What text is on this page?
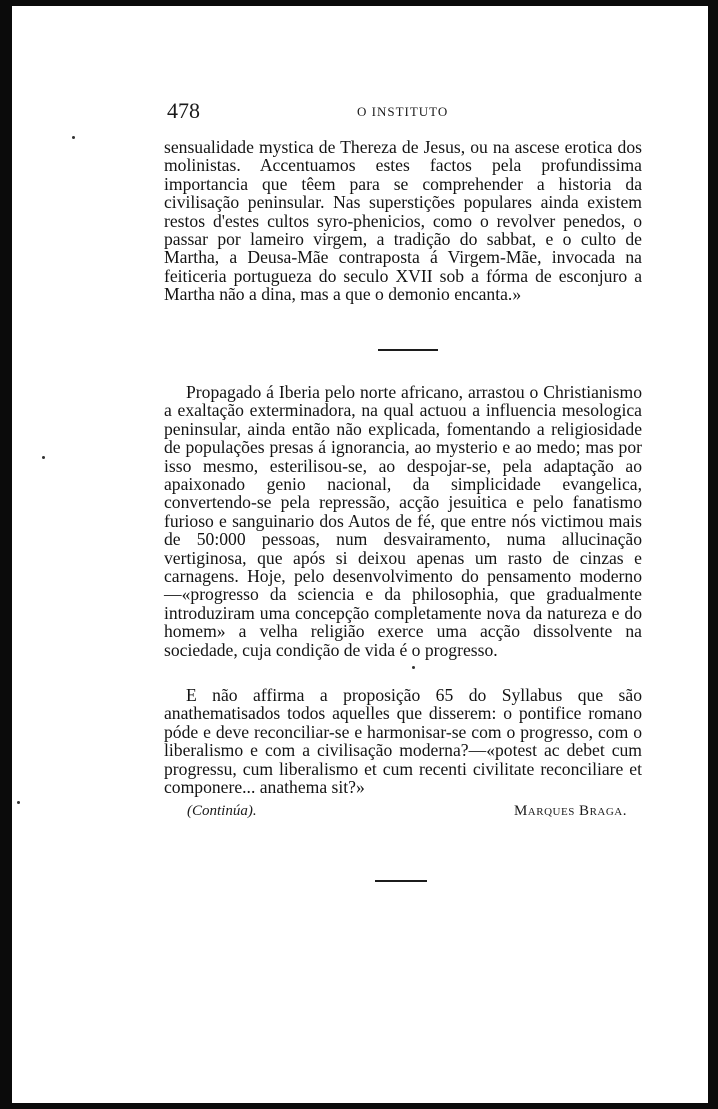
478	O INSTITUTO

sensualidade mystica de Thereza de Jesus, ou na ascese erotica dos molinistas. Accentuamos estes factos pela profundissima importancia que têem para se comprehender a historia da civilisação peninsular. Nas superstições populares ainda existem restos d'estes cultos syro-phenicios, como o revolver penedos, o passar por lameiro virgem, a tradição do sabbat, e o culto de Martha, a Deusa-Mãe contraposta á Virgem-Mãe, invocada na feiticeria portugueza do seculo XVII sob a fórma de esconjuro a Martha não a dina, mas a que o demonio encanta.»

Propagado á Iberia pelo norte africano, arrastou o Christianismo a exaltação exterminadora, na qual actuou a influencia mesologica peninsular, ainda então não explicada, fomentando a religiosidade de populações presas á ignorancia, ao mysterio e ao medo; mas por isso mesmo, esterilisou-se, ao despojar-se, pela adaptação ao apaixonado genio nacional, da simplicidade evangelica, convertendo-se pela repressão, acção jesuitica e pelo fanatismo furioso e sanguinario dos Autos de fé, que entre nós victimou mais de 50:000 pessoas, num desvairamento, numa allucinação vertiginosa, que após si deixou apenas um rasto de cinzas e carnagens. Hoje, pelo desenvolvimento do pensamento moderno—«progresso da sciencia e da philosophia, que gradualmente introduziram uma concepção completamente nova da natureza e do homem» a velha religião exerce uma acção dissolvente na sociedade, cuja condição de vida é o progresso.

E não affirma a proposição 65 do Syllabus que são anathematisados todos aquelles que disserem: o pontifice romano póde e deve reconciliar-se e harmonisar-se com o progresso, com o liberalismo e com a civilisação moderna?—«potest ac debet cum progressu, cum liberalismo et cum recenti civilitate reconciliare et componere... anathema sit?»

(Continúa).	Marques Braga.
